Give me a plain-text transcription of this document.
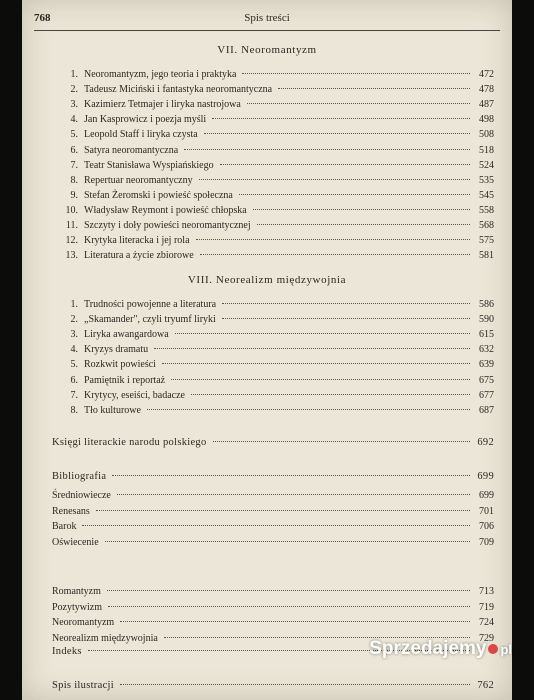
768	Spis treści
VII. Neoromantyzm
1. Neoromantyzm, jego teoria i praktyka	472
2. Tadeusz Miciński i fantastyka neoromantyczna	478
3. Kazimierz Tetmajer i liryka nastrojowa	487
4. Jan Kasprowicz i poezja myśli	498
5. Leopold Staff i liryka czysta	508
6. Satyra neoromantyczna	518
7. Teatr Stanisława Wyspiańskiego	524
8. Repertuar neoromantyczny	535
9. Stefan Żeromski i powieść społeczna	545
10. Władysław Reymont i powieść chłopska	558
11. Szczyty i doły powieści neoromantycznej	568
12. Krytyka literacka i jej rola	575
13. Literatura a życie zbiorowe	581
VIII. Neorealizm międzywojnia
1. Trudności powojenne a literatura	586
2. „Skamander", czyli tryumf liryki	590
3. Liryka awangardowa	615
4. Kryzys dramatu	632
5. Rozkwit powieści	639
6. Pamiętnik i reportaż	675
7. Krytycy, eseiści, badacze	677
8. Tło kulturowe	687
Księgi literackie narodu polskiego	692
Bibliografia	699
Średniowiecze	699
Renesans	701
Barok	706
Oświecenie	709
Romantyzm	713
Pozytywizm	719
Neoromantyzm	724
Neorealizm międzywojnia	729
Indeks
Spis ilustracji	762
Sprzedajemy pl
